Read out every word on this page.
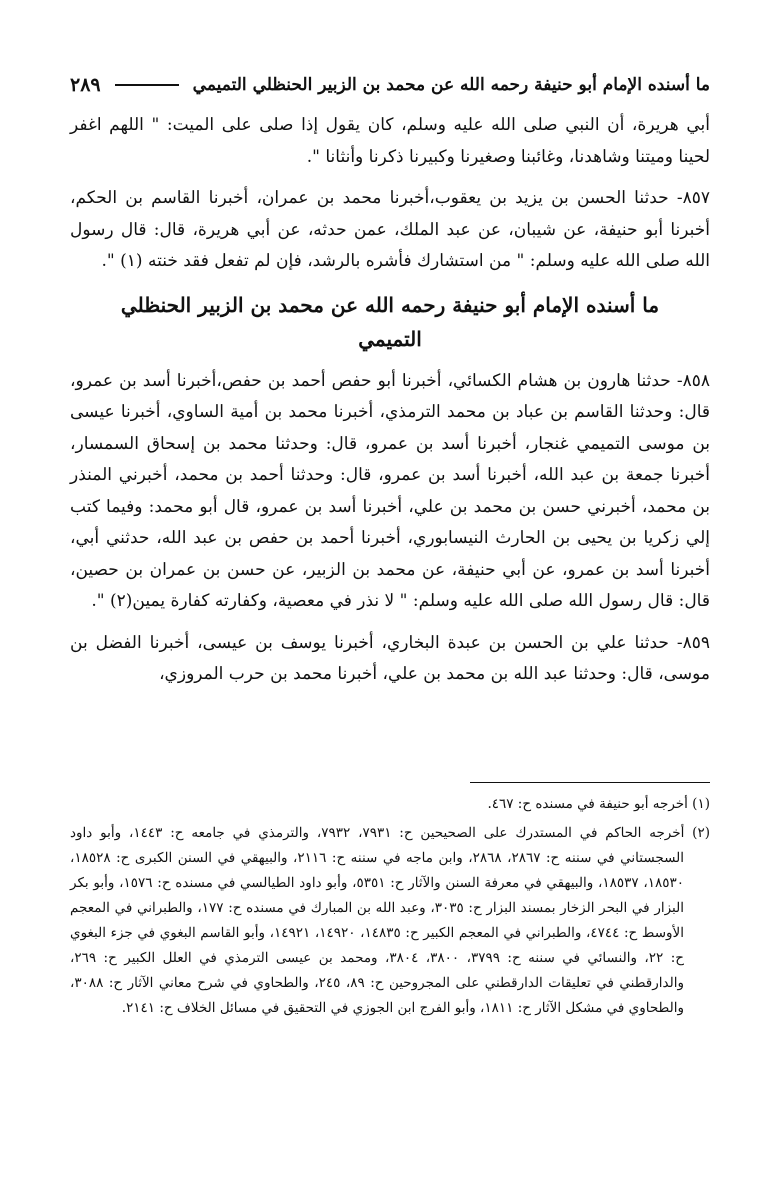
ما أسنده الإمام أبو حنيفة رحمه الله عن محمد بن الزبير الحنظلي التميمي
٢٨٩

أبي هريرة، أن النبي صلى الله عليه وسلم، كان يقول إذا صلى على الميت: " اللهم اغفر لحينا وميتنا وشاهدنا، وغائبنا وصغيرنا وكبيرنا ذكرنا وأنثانا ".

٨٥٧- حدثنا الحسن بن يزيد بن يعقوب،أخبرنا محمد بن عمران، أخبرنا القاسم بن الحكم، أخبرنا أبو حنيفة، عن شيبان، عن عبد الملك، عمن حدثه، عن أبي هريرة، قال: قال رسول الله صلى الله عليه وسلم: " من استشارك فأشره بالرشد، فإن لم تفعل فقد خنته (١) ".

ما أسنده الإمام أبو حنيفة رحمه الله عن محمد بن الزبير الحنظلي التميمي

٨٥٨- حدثنا هارون بن هشام الكسائي، أخبرنا أبو حفص أحمد بن حفص،أخبرنا أسد بن عمرو، قال: وحدثنا القاسم بن عباد بن محمد الترمذي، أخبرنا محمد بن أمية الساوي، أخبرنا عيسى بن موسى التميمي غنجار، أخبرنا أسد بن عمرو، قال: وحدثنا محمد بن إسحاق السمسار، أخبرنا جمعة بن عبد الله، أخبرنا أسد بن عمرو، قال: وحدثنا أحمد بن محمد، أخبرني المنذر بن محمد، أخبرني حسن بن محمد بن علي، أخبرنا أسد بن عمرو، قال أبو محمد: وفيما كتب إلي زكريا بن يحيى بن الحارث النيسابوري، أخبرنا أحمد بن حفص بن عبد الله، حدثني أبي، أخبرنا أسد بن عمرو، عن أبي حنيفة، عن محمد بن الزبير، عن حسن بن عمران بن حصين، قال: قال رسول الله صلى الله عليه وسلم: " لا نذر في معصية، وكفارته كفارة يمين(٢) ".

٨٥٩- حدثنا علي بن الحسن بن عبدة البخاري، أخبرنا يوسف بن عيسى، أخبرنا الفضل بن موسى، قال: وحدثنا عبد الله بن محمد بن علي، أخبرنا محمد بن حرب المروزي،

(١) أخرجه أبو حنيفة في مسنده ح: ٤٦٧.

(٢) أخرجه الحاكم في المستدرك على الصحيحين ح: ٧٩٣١، ٧٩٣٢، والترمذي في جامعه ح: ١٤٤٣، وأبو داود السجستاني في سننه ح: ٢٨٦٧، ٢٨٦٨، وابن ماجه في سننه ح: ٢١١٦، والبيهقي في السنن الكبرى ح: ١٨٥٢٨، ١٨٥٣٠، ١٨٥٣٧، والبيهقي في معرفة السنن والآثار ح: ٥٣٥١، وأبو داود الطيالسي في مسنده ح: ١٥٧٦، وأبو بكر البزار في البحر الزخار بمسند البزار ح: ٣٠٣٥، وعبد الله بن المبارك في مسنده ح: ١٧٧، والطبراني في المعجم الأوسط ح: ٤٧٤٤، والطبراني في المعجم الكبير ح: ١٤٨٣٥، ١٤٩٢٠، ١٤٩٢١، وأبو القاسم البغوي في جزء البغوي ح: ٢٢، والنسائي في سننه ح: ٣٧٩٩، ٣٨٠٠، ٣٨٠٤، ومحمد بن عيسى الترمذي في العلل الكبير ح: ٢٦٩، والدارقطني في تعليقات الدارقطني على المجروحين ح: ٨٩، ٢٤٥، والطحاوي في شرح معاني الآثار ح: ٣٠٨٨، والطحاوي في مشكل الآثار ح: ١٨١١، وأبو الفرج ابن الجوزي في التحقيق في مسائل الخلاف ح: ٢١٤١.
